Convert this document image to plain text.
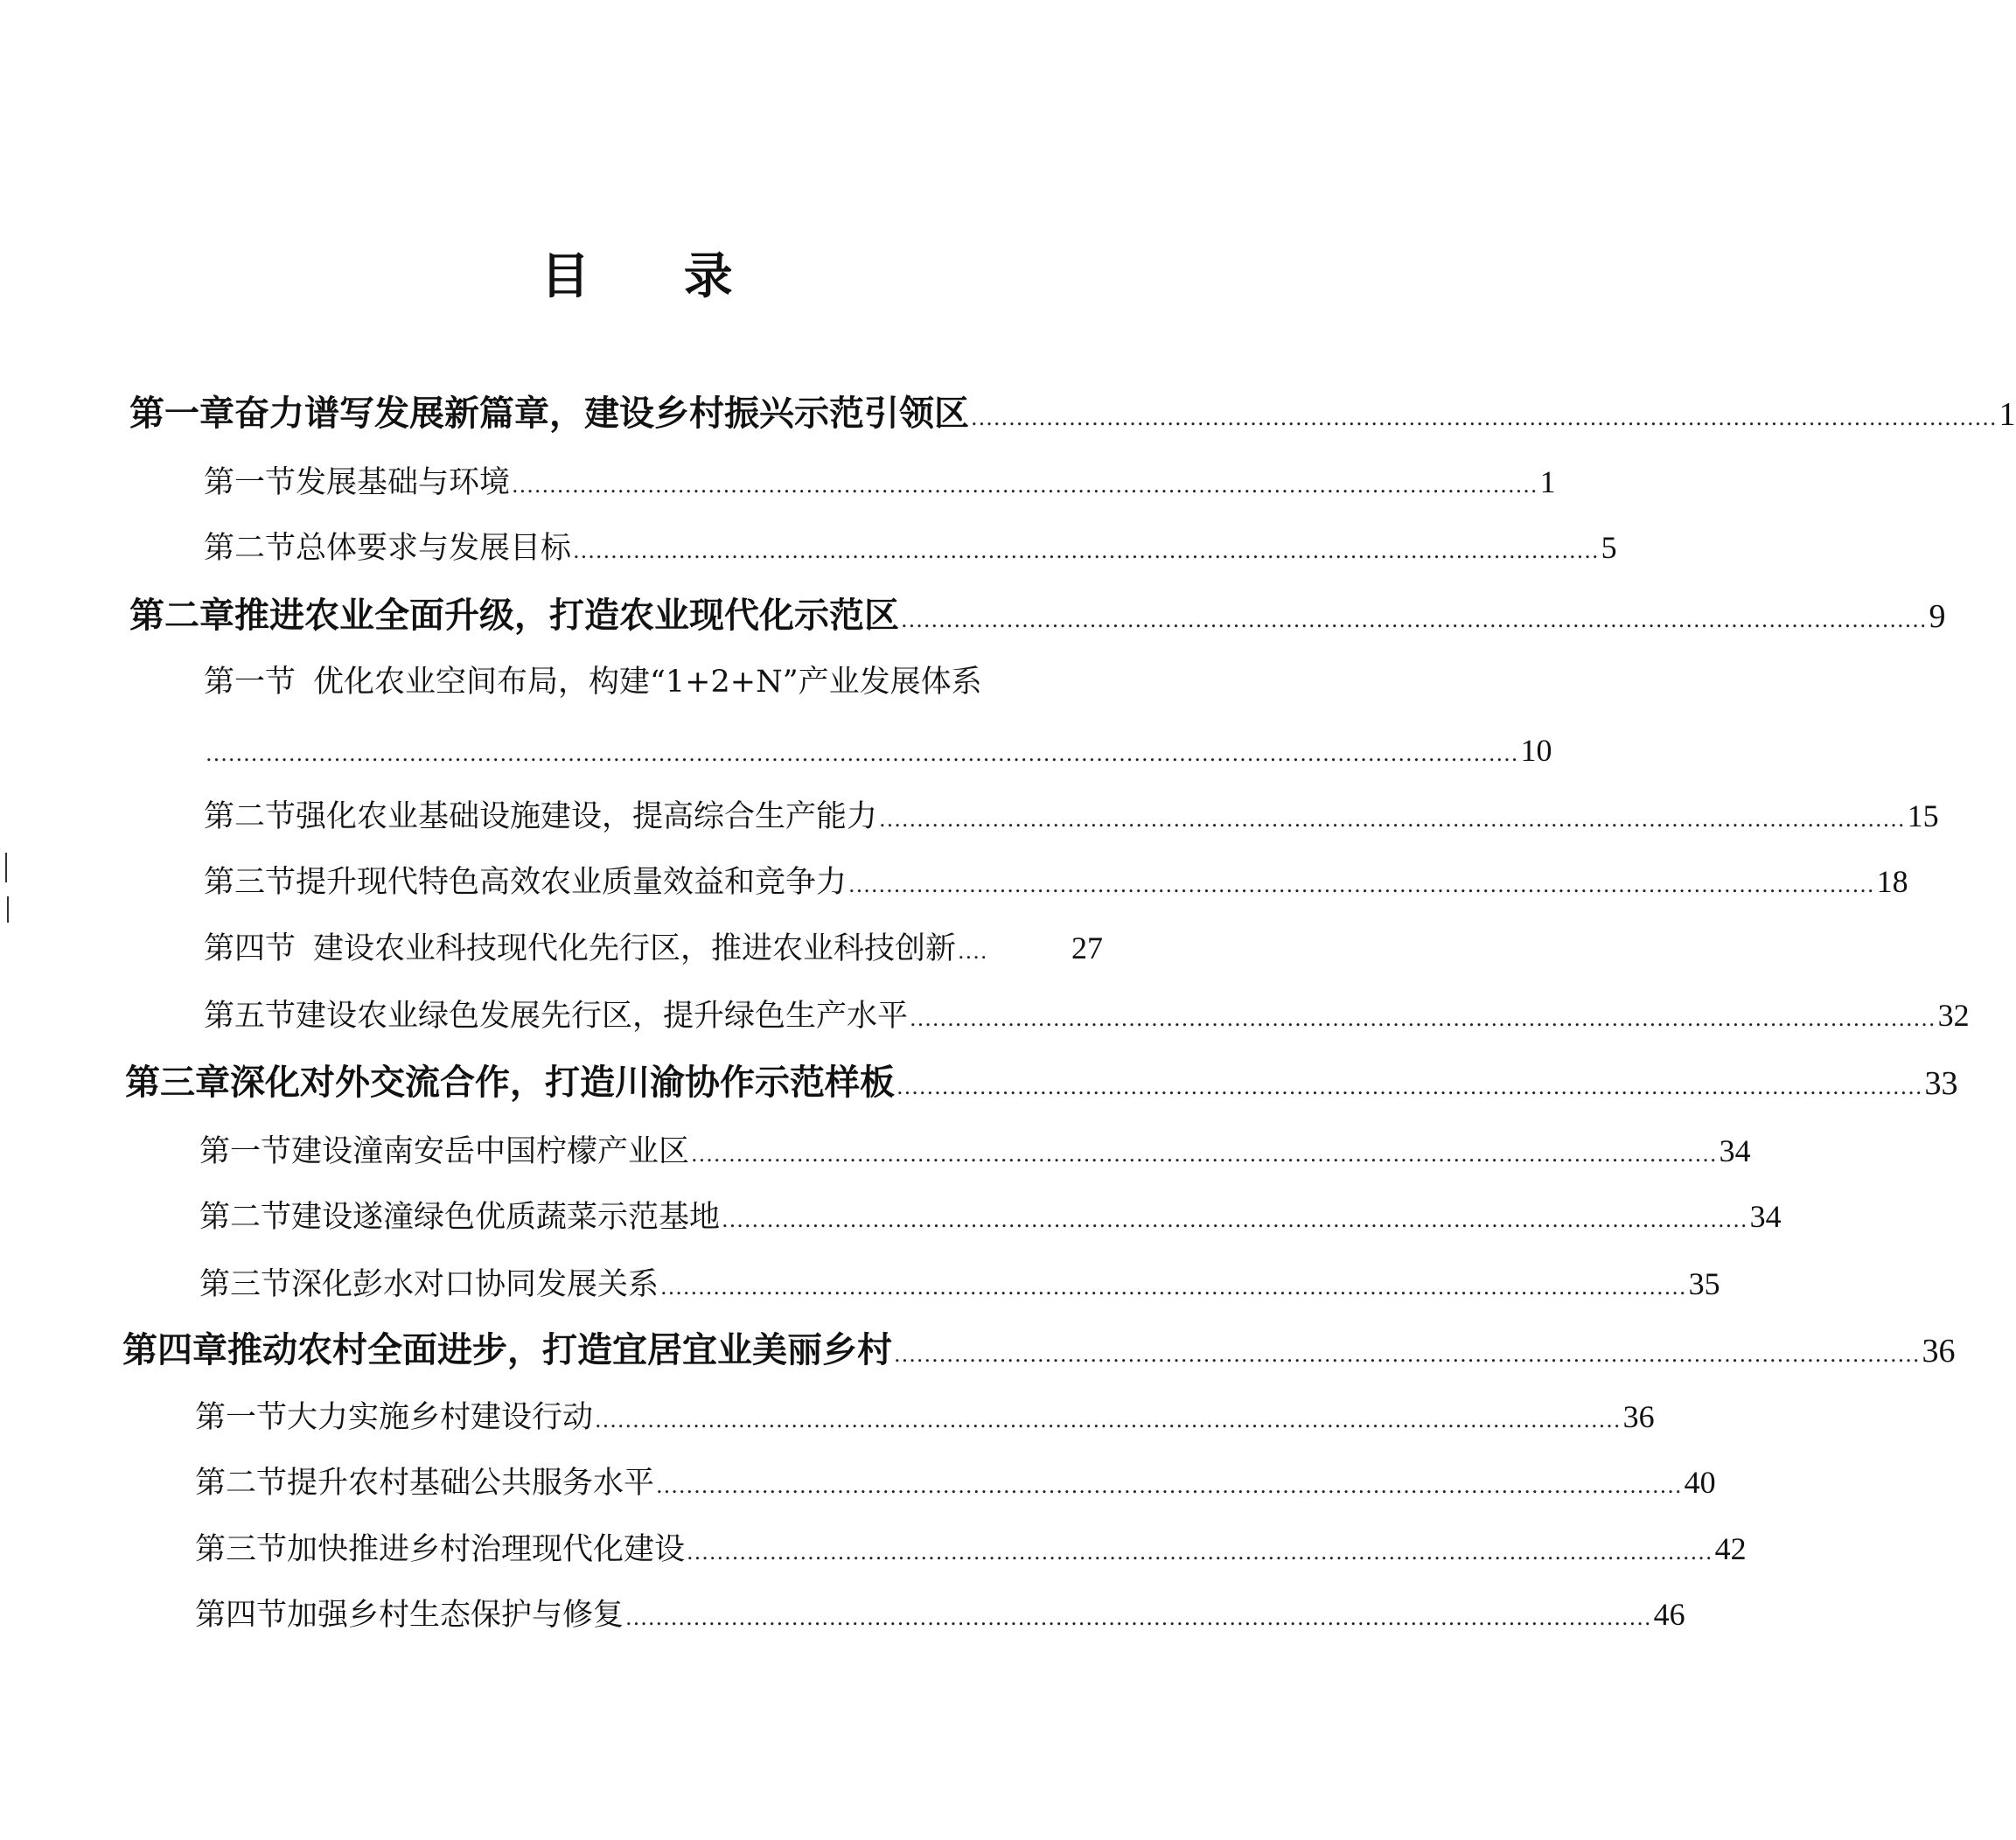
目 录
第一章 奋力谱写发展新篇章，建设乡村振兴示范引领区 ........................................................................................................................................ 1
第一节 发展基础与环境 ........................................................................................................................................ 1
第二节 总体要求与发展目标 ........................................................................................................................................ 5
第二章 推进农业全面升级，打造农业现代化示范区 ........................................................................................................................................ 9
第一节 优化农业空间布局，构建“1+2+N”产业发展体系
.............................................................................................................................................................................. 10
第二节 强化农业基础设施建设，提高综合生产能力 ........................................................................................................................................ 15
第三节 提升现代特色高效农业质量效益和竞争力 ........................................................................................................................................ 18
第四节 建设农业科技现代化先行区，推进农业科技创新 ....	27
第五节 建设农业绿色发展先行区，提升绿色生产水平 ........................................................................................................................................ 32
第三章 深化对外交流合作，打造川渝协作示范样板 ........................................................................................................................................ 33
第一节 建设潼南安岳中国柠檬产业区 ........................................................................................................................................ 34
第二节 建设遂潼绿色优质蔬菜示范基地 ........................................................................................................................................ 34
第三节 深化彭水对口协同发展关系 ........................................................................................................................................ 35
第四章 推动农村全面进步，打造宜居宜业美丽乡村 ........................................................................................................................................ 36
第一节 大力实施乡村建设行动 ........................................................................................................................................ 36
第二节 提升农村基础公共服务水平 ........................................................................................................................................ 40
第三节 加快推进乡村治理现代化建设 ........................................................................................................................................ 42
第四节 加强乡村生态保护与修复 ........................................................................................................................................ 46
